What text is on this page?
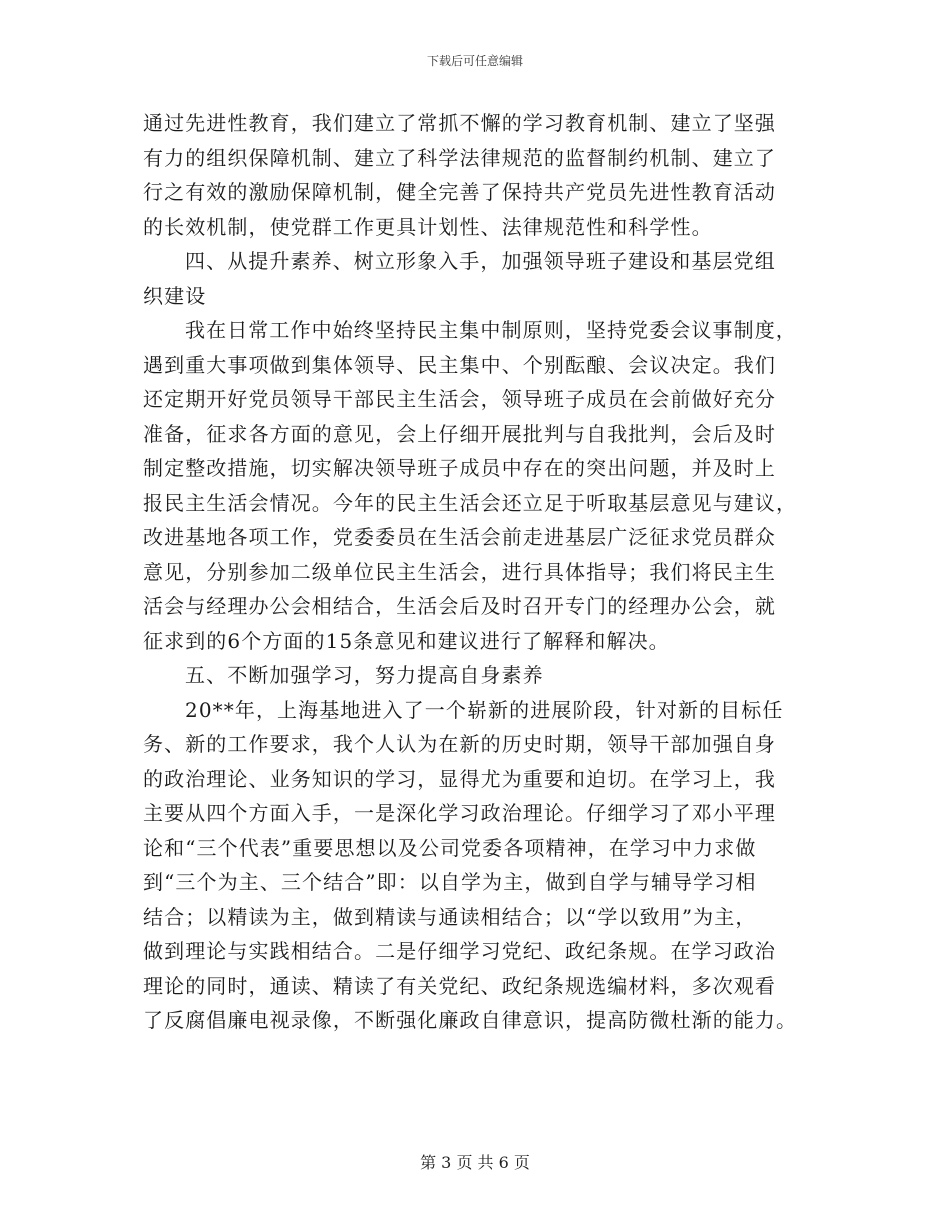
下载后可任意编辑
通过先进性教育，我们建立了常抓不懈的学习教育机制、建立了坚强
有力的组织保障机制、建立了科学法律规范的监督制约机制、建立了
行之有效的激励保障机制，健全完善了保持共产党员先进性教育活动
的长效机制，使党群工作更具计划性、法律规范性和科学性。
四、从提升素养、树立形象入手，加强领导班子建设和基层党组
织建设
我在日常工作中始终坚持民主集中制原则，坚持党委会议事制度，
遇到重大事项做到集体领导、民主集中、个别酝酿、会议决定。我们
还定期开好党员领导干部民主生活会，领导班子成员在会前做好充分
准备，征求各方面的意见，会上仔细开展批判与自我批判，会后及时
制定整改措施，切实解决领导班子成员中存在的突出问题，并及时上
报民主生活会情况。今年的民主生活会还立足于听取基层意见与建议，
改进基地各项工作，党委委员在生活会前走进基层广泛征求党员群众
意见，分别参加二级单位民主生活会，进行具体指导；我们将民主生
活会与经理办公会相结合，生活会后及时召开专门的经理办公会，就
征求到的6个方面的15条意见和建议进行了解释和解决。
五、不断加强学习，努力提高自身素养
20**年，上海基地进入了一个崭新的进展阶段，针对新的目标任
务、新的工作要求，我个人认为在新的历史时期，领导干部加强自身
的政治理论、业务知识的学习，显得尤为重要和迫切。在学习上，我
主要从四个方面入手，一是深化学习政治理论。仔细学习了邓小平理
论和“三个代表”重要思想以及公司党委各项精神，在学习中力求做
到“三个为主、三个结合”即：以自学为主，做到自学与辅导学习相
结合；以精读为主，做到精读与通读相结合；以“学以致用”为主，
做到理论与实践相结合。二是仔细学习党纪、政纪条规。在学习政治
理论的同时，通读、精读了有关党纪、政纪条规选编材料，多次观看
了反腐倡廉电视录像，不断强化廉政自律意识，提高防微杜渐的能力。
第 3 页 共 6 页
